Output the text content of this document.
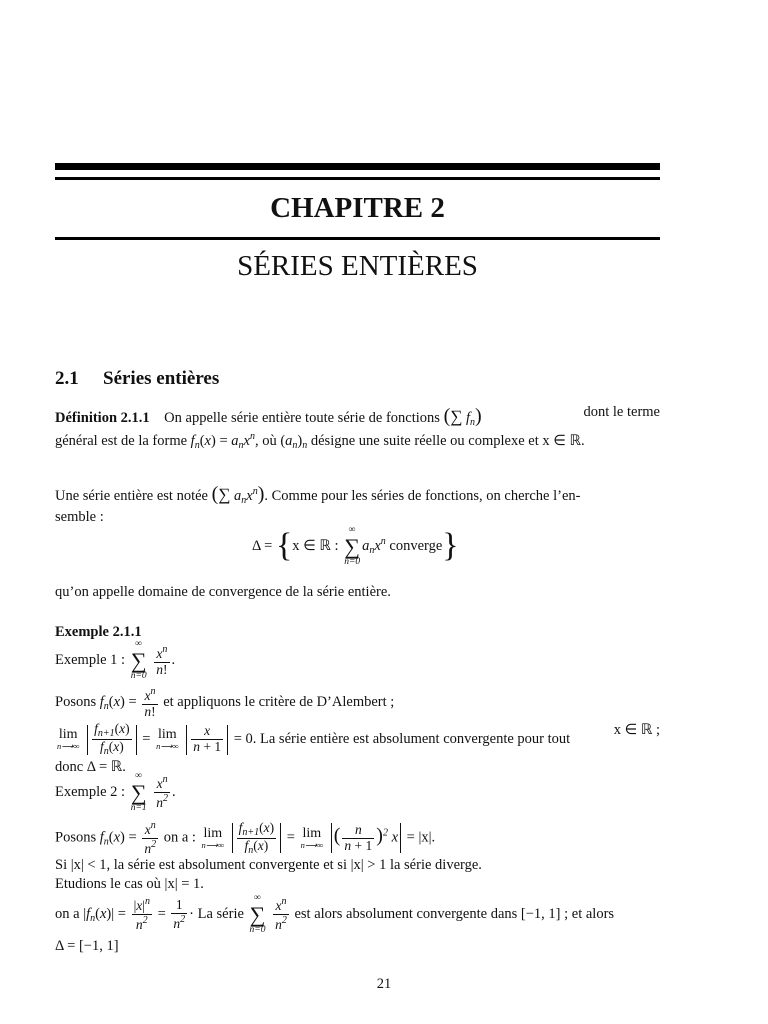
CHAPITRE 2
SÉRIES ENTIÈRES
2.1 Séries entières
Définition 2.1.1 On appelle série entière toute série de fonctions (∑ $f_n$)	dont le terme
général est de la forme $f_n(x) = a_nx^n$, où $(a_n)_n$ désigne une suite réelle ou complexe et x ∈ ℝ.
Une série entière est notée (∑ $a_nx^n$). Comme pour les séries de fonctions, on cherche l’en-
semble :
Δ = {x ∈ ℝ :
∞
∑
n=0
$a_nx^n$ converge}
qu’on appelle domaine de convergence de la série entière.
Exemple 2.1.1
Exemple 1 :
∞
∑
n=0
$\frac{x^n}{n!}$ .
Posons $f_n(x) = \frac{x^n}{n!}$ et appliquons le critère de D’Alembert ;
lim
n⟶∞
$\frac{f_{n+1}(x)}{f_n(x)} = \lim$
n⟶∞
$\frac{x}{n + 1} = 0$. La série entière est absolument convergente pour tout
x ∈ ℝ ;
donc Δ = ℝ.
Exemple 2 :
∞
∑
n=1
$\frac{x^n}{n^2}$ .
Posons $f_n(x) = \frac{x^n}{n^2}$ on a : lim
n⟶∞
$\frac{f_{n+1}(x)}{f_n(x)} = \lim$
n⟶∞ ( $\frac{n}{n + 1} )^2$ x = |x|.
Si |x| < 1, la série est absolument convergente et si |x| > 1 la série diverge.
Etudions le cas où |x| = 1.
on a $|f_n(x)| = \frac{|x|^n}{n^2} = \frac{1}{n^2} \cdot La$ série
∞
∑
n=0
$\frac{x^n}{n^2}$ est alors absolument convergente dans [−1, 1] ; et alors
Δ = [−1, 1]
21
